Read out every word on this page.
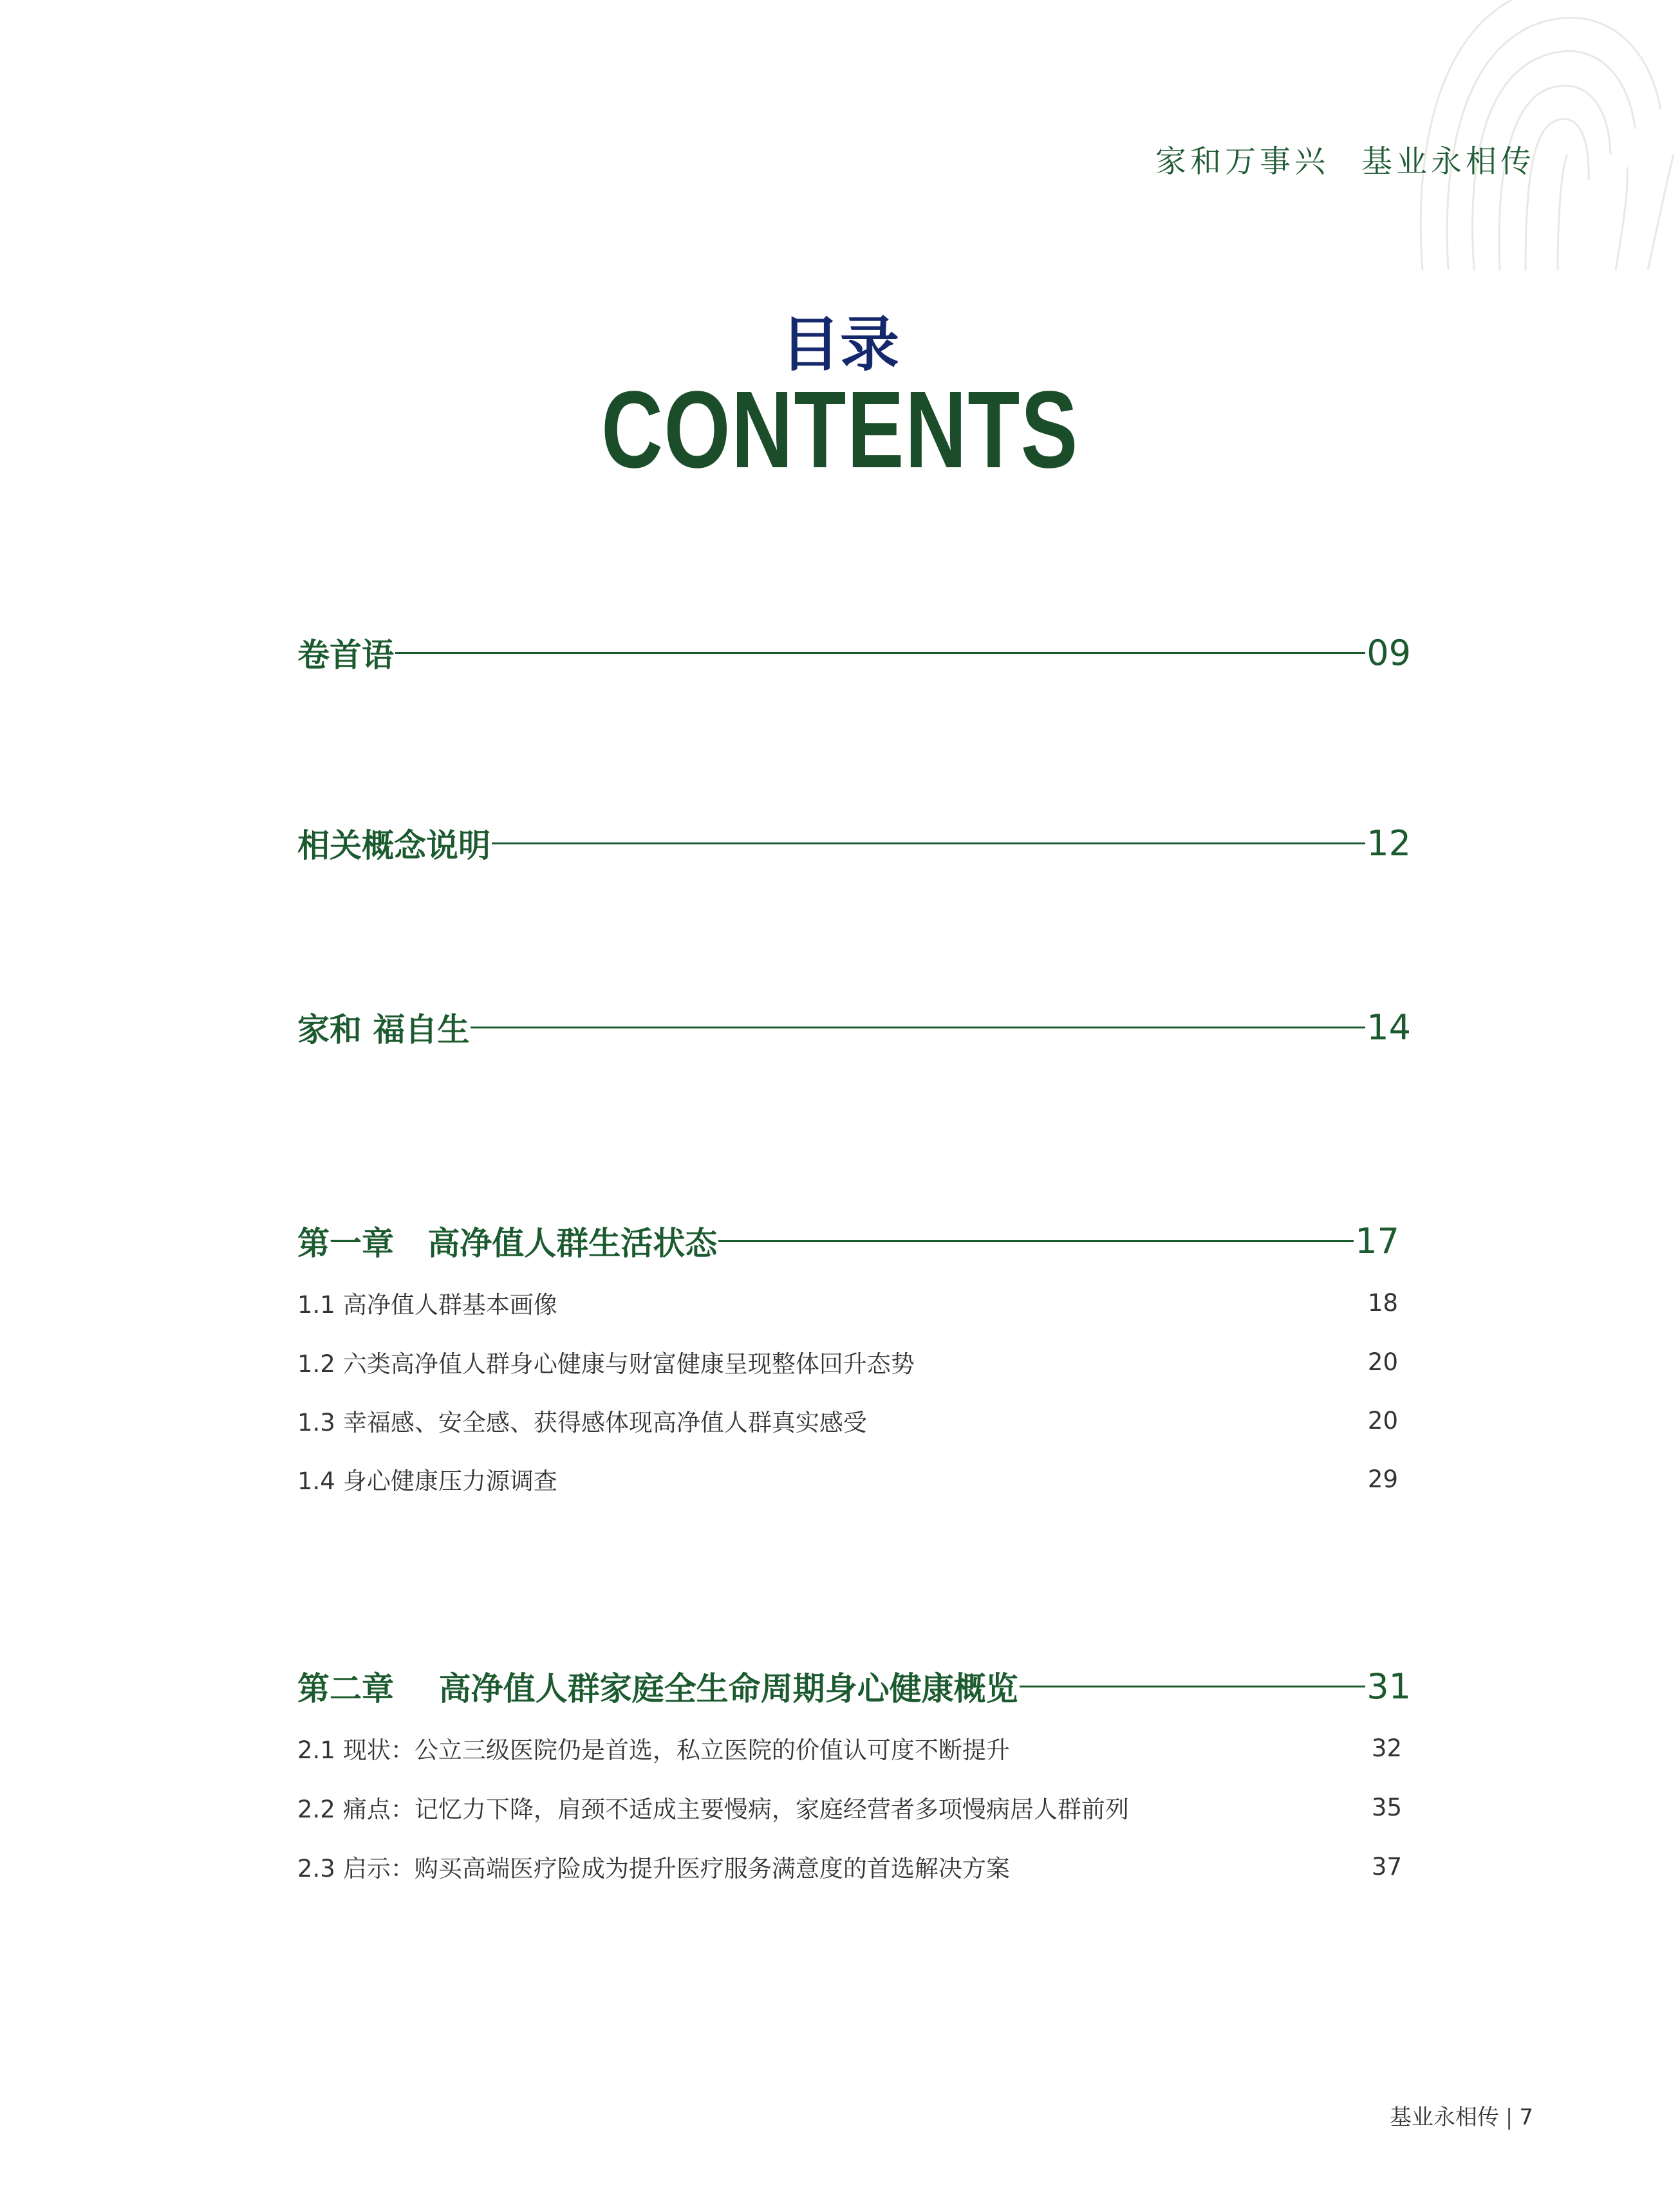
家和万事兴 基业永相传
目录
CONTENTS
卷首语	09
相关概念说明	12
家和 福自生	14
第一章   高净值人群生活状态	17
1.1 高净值人群基本画像	18
1.2 六类高净值人群身心健康与财富健康呈现整体回升态势	20
1.3 幸福感、安全感、获得感体现高净值人群真实感受	20
1.4 身心健康压力源调查	29
第二章    高净值人群家庭全生命周期身心健康概览	31
2.1 现状：公立三级医院仍是首选，私立医院的价值认可度不断提升	32
2.2 痛点：记忆力下降，肩颈不适成主要慢病，家庭经营者多项慢病居人群前列	35
2.3 启示：购买高端医疗险成为提升医疗服务满意度的首选解决方案	37
基业永相传 | 7
